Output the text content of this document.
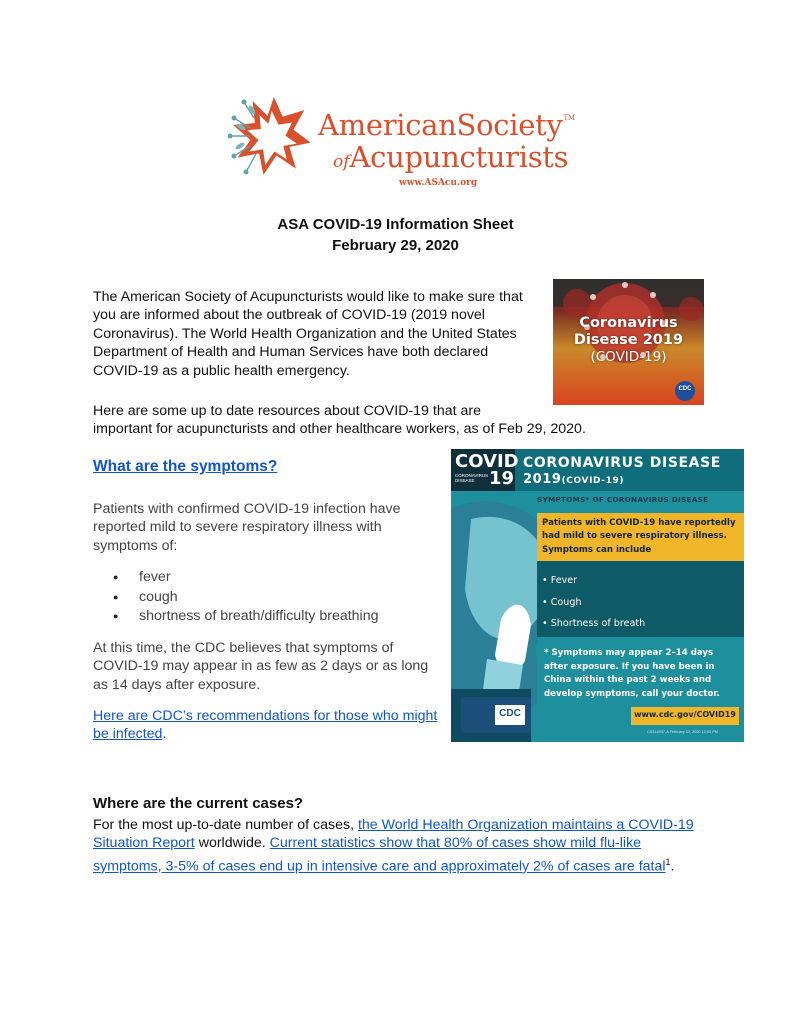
AmericanSociety™
ofAcupuncturists
www.ASAcu.org
ASA COVID-19 Information Sheet
February 29, 2020
The American Society of Acupuncturists would like to make sure that
you are informed about the outbreak of COVID-19 (2019 novel
Coronavirus). The World Health Organization and the United States
Department of Health and Human Services have both declared
COVID-19 as a public health emergency.
Coronavirus
Disease 2019
(COVID-19)
CDC
Here are some up to date resources about COVID-19 that are
important for acupuncturists and other healthcare workers, as of Feb 29, 2020.
What are the symptoms?
Patients with confirmed COVID-19 infection have
reported mild to severe respiratory illness with
symptoms of:
● fever
● cough
● shortness of breath/difficulty breathing
At this time, the CDC believes that symptoms of
COVID-19 may appear in as few as 2 days or as long
as 14 days after exposure.
Here are CDC’s recommendations for those who might
be infected.
COVID
CORONAVIRUS
DISEASE 19
CORONAVIRUS DISEASE
2019(COVID-19)
SYMPTOMS* OF CORONAVIRUS DISEASE
Patients with COVID-19 have reportedly
had mild to severe respiratory illness.
Symptoms can include
• Fever
• Cough
• Shortness of breath
* Symptoms may appear 2–14 days
after exposure. If you have been in
China within the past 2 weeks and
develop symptoms, call your doctor.
www.cdc.gov/COVID19
CS314937-A February 12, 2020 12:00 PM
CDC
Where are the current cases?
For the most up-to-date number of cases, the World Health Organization maintains a COVID-19
Situation Report worldwide. Current statistics show that 80% of cases show mild flu-like
symptoms, 3-5% of cases end up in intensive care and approximately 2% of cases are fatal$^1$.
